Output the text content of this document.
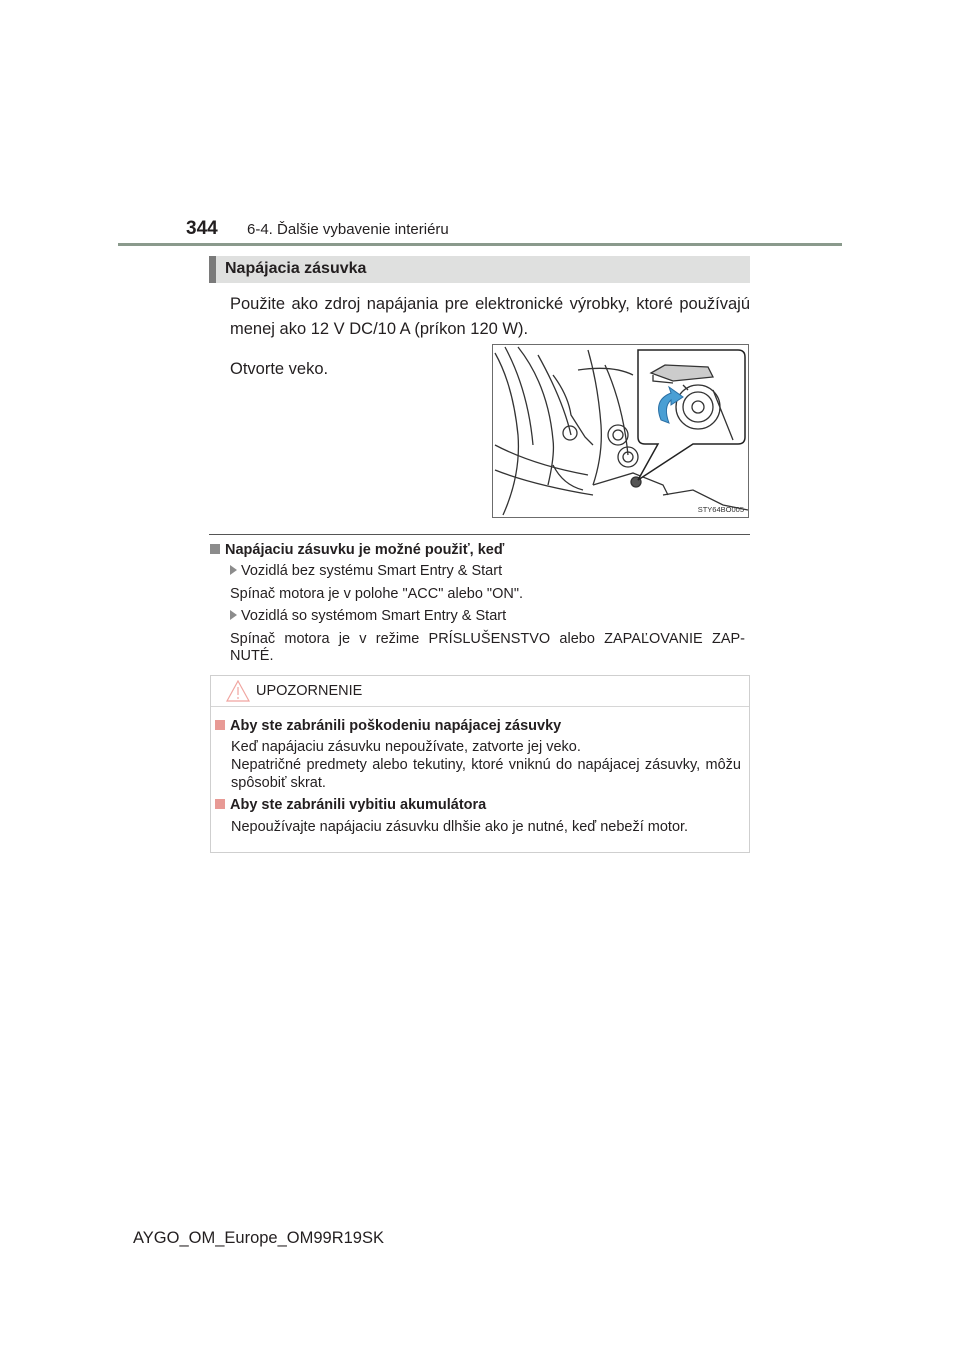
344 6-4. Ďalšie vybavenie interiéru
Napájacia zásuvka
Použite ako zdroj napájania pre elektronické výrobky, ktoré používajú menej ako 12 V DC/10 A (príkon 120 W).
Otvorte veko.
STY64BO005
Napájaciu zásuvku je možné použiť, keď
Vozidlá bez systému Smart Entry & Start
Spínač motora je v polohe "ACC" alebo "ON".
Vozidlá so systémom Smart Entry & Start
Spínač motora je v režime PRÍSLUŠENSTVO alebo ZAPAĽOVANIE ZAP-NUTÉ.
UPOZORNENIE
Aby ste zabránili poškodeniu napájacej zásuvky
Keď napájaciu zásuvku nepoužívate, zatvorte jej veko.
Nepatričné predmety alebo tekutiny, ktoré vniknú do napájacej zásuvky, môžu spôsobiť skrat.
Aby ste zabránili vybitiu akumulátora
Nepoužívajte napájaciu zásuvku dlhšie ako je nutné, keď nebeží motor.
AYGO_OM_Europe_OM99R19SK
